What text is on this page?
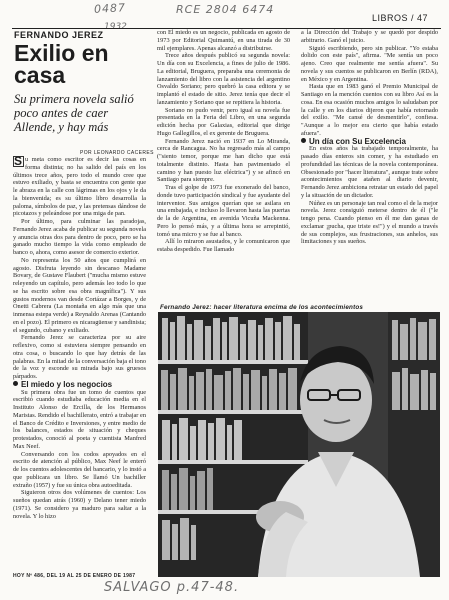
0487	RCE 2804 6474
1932
LIBROS / 47
FERNANDO JEREZ
Exilio en casa
Su primera novela salió poco antes de caer Allende, y hay más
POR LEONARDO CACERES

S u meta como escritor es decir las cosas en forma distinta; no ha salido del país en los últimos trece años, pero todo el mundo cree que estuvo exiliado, y basta se encuentra con gente que le abraza en la calle con lágrimas en los ojos y le da la bienvenida; es su último libro desarrolla la paloma, símbolos de paz, y las pretensas dándose de picotazos y peleándose por una miga de pan.

Por último, para culminar las paradojas, Fernando Jerez acaba de publicar su segunda novela y anuncia otras dos para dentro de poco, pero se ha ganado mucho tiempo la vida como empleado de banco o, ahora, como asesor de comercio exterior.

No representa los 50 años que cumplirá en agosto. Disfruta leyendo sin descanso Madame Bovary, de Gustave Flaubert ("mucha mismo estuve releyendo un capítulo, pero además leo todo lo que se ha escrito sobre esa obra magnífica"). Y sus gustos modernos van desde Cortázar a Borges, y de Onetti Cabrera (La montaña en algo más que una inmensa estepa verde) a Reynaldo Arenas (Cantando en el pozo). El primero es nicaragüense y sandinista; el segundo, cubano y exiliado.

Fernando Jerez se caracteriza por su aire reflexivo, como si estuviera siempre pensando en otra cosa, o buscando lo que hay detrás de las palabras. En la mitad de la conversación baja el tono de la voz y esconde su mirada bajo sus gruesos párpados.

El miedo y los negocios

Su primera obra fue un tomo de cuentos que escribió cuando estudiaba educación media en el Instituto Alonso de Ercilla, de los Hermanos Maristas. Rendido el bachillerato, entró a trabajar en el Banco de Crédito e Inversiones, y entre medio de los balances, estados de situación y cheques protestados, conoció al poeta y cuentista Manfred Max Neef.

Conversando con los codos apoyados en el escrito de atención al público, Max Neef le enteró de los cuentos adolescentes del bancario, y lo instó a que publicara un libro. Se llamó Un bachiller extraño (1957) y fue su única obra autoeditada.

Siguieron otros dos volúmenes de cuentos: Los sueños quedan atrás (1960) y Delano tener miedo (1971). Se considero ya maduro para saltar a la novela. Y lo hizo

con El miedo es un negocio, publicada en agosto de 1973 por Editorial Quimantú, en una tirada de 30 mil ejemplares. Apenas alcanzó a distribuirse.

Trece años después publicó su segunda novela: Un día con su Excelencia, a fines de julio de 1986. La editorial, Bruguera, preparaba una ceremonia de lanzamiento del libro con la asistencia del argentino Osvaldo Soriano; pero quebró la casa editora y se implantó el estado de sitio. Jerez tenía que decir el lanzamiento y Soriano que se repitiera la historia.

Soriano no pudo venir, pero igual su novela fue presentada en la Feria del Libro, en una segunda edición hecha por Galaxias, editorial que dirige Hugo Gallegillos, el ex gerente de Bruguera.

Fernando Jerez nació en 1937 en Lo Miranda, cerca de Rancagua. No ha regresado más al campo ("siento temor, porque me han dicho que está totalmente distinto. Hasta han pavimentado el camino y han puesto luz eléctrica") y se afincó en Santiago para siempre.

Tras el golpe de 1973 fue exonerado del banco, donde tuvo participación sindical y fue ayudante del interventor. Sus amigos querían que se asilara en una embajada, e incluso lo llevaron hasta las puertas de la de Argentina, en avenida Vicuña Mackenna. Pero lo pensó más, y a última hora se arrepintió, tomó una micro y se fue al banco.

Allí lo miraron asustados, y le comunicaron que estaba despedido. Fue llamado

a la Dirección del Trabajo y se quedó por despido arbitrario. Ganó el juicio.

Siguió escribiendo, pero sin publicar. "Yo estaba dolido con este país", afirma. "Me sentía un poco ajeno. Creo que realmente me sentía afuera". Su novela y sus cuentos se publicaron en Berlín (RDA), en México y en Argentina.

Hasta que en 1983 ganó el Premio Municipal de Santiago en la mención cuentos con su libro Así es la cosa. En esa ocasión muchos amigos lo saludaban por la calle y en los diarios dijeron que había retornado del exilio. "Me cansé de desmentirlo", confiesa. "Aunque a lo mejor era cierto que había estado afuera".

Un día con Su Excelencia

En estos años ha trabajado temporalmente, ha pasado días enteros sin comer, y ha estudiado en profundidad las técnicas de la novela contemporánea. Obsesionado por "hacer literatura", aunque trate sobre acontecimientos que atañen al diario devenir, Fernando Jerez ambiciona retratar un estado del papel y la situación de un dictador.

Núñez es un personaje tan real como el de la mejor novela. Jerez consiguió meterse dentro de él ("le tengo pena. Cuando pienso en él me dan ganas de exclamar ¡pucha, que triste es!") y el mundo a través de sus complejos, sus frustraciones, sus anhelos, sus limitaciones y sus sueños.

Fernando Jerez: hacer literatura encima de los acontecimientos
HOY Nº 486, DEL 19 AL 25 DE ENERO DE 1987
SALVAGO p.47-48.
